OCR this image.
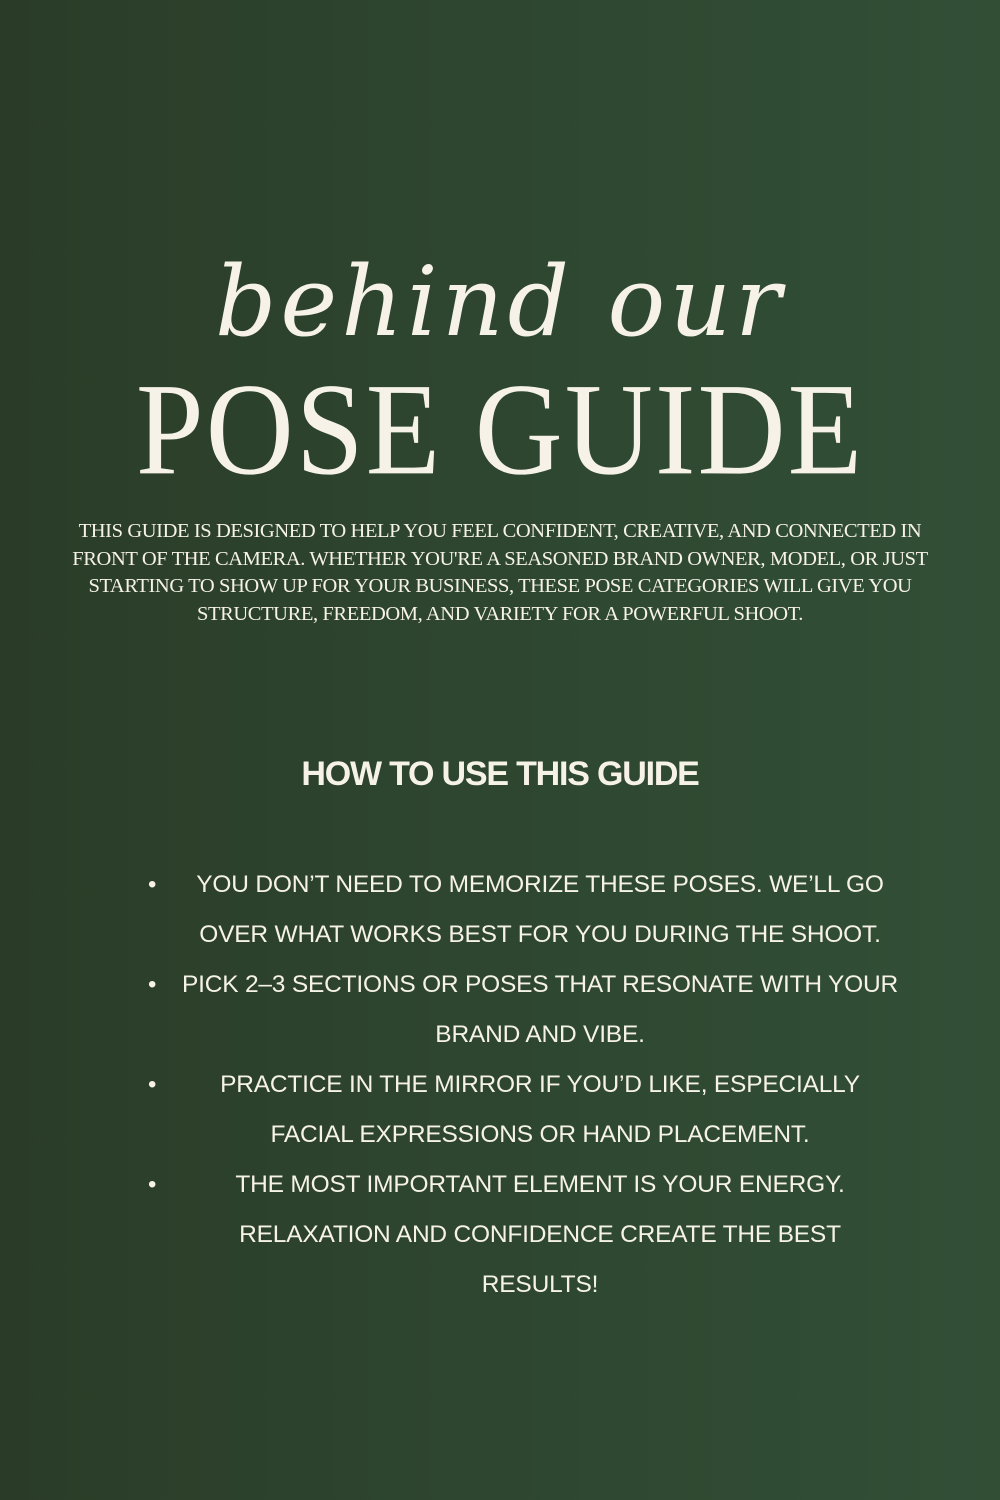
behind our
POSE GUIDE

THIS GUIDE IS DESIGNED TO HELP YOU FEEL CONFIDENT, CREATIVE, AND CONNECTED IN FRONT OF THE CAMERA. WHETHER YOU'RE A SEASONED BRAND OWNER, MODEL, OR JUST STARTING TO SHOW UP FOR YOUR BUSINESS, THESE POSE CATEGORIES WILL GIVE YOU STRUCTURE, FREEDOM, AND VARIETY FOR A POWERFUL SHOOT.

HOW TO USE THIS GUIDE
•	YOU DON’T NEED TO MEMORIZE THESE POSES. WE’LL GO OVER WHAT WORKS BEST FOR YOU DURING THE SHOOT.
• PICK 2–3 SECTIONS OR POSES THAT RESONATE WITH YOUR BRAND AND VIBE.
•	PRACTICE IN THE MIRROR IF YOU’D LIKE, ESPECIALLY FACIAL EXPRESSIONS OR HAND PLACEMENT.
•	THE MOST IMPORTANT ELEMENT IS YOUR ENERGY. RELAXATION AND CONFIDENCE CREATE THE BEST RESULTS!
